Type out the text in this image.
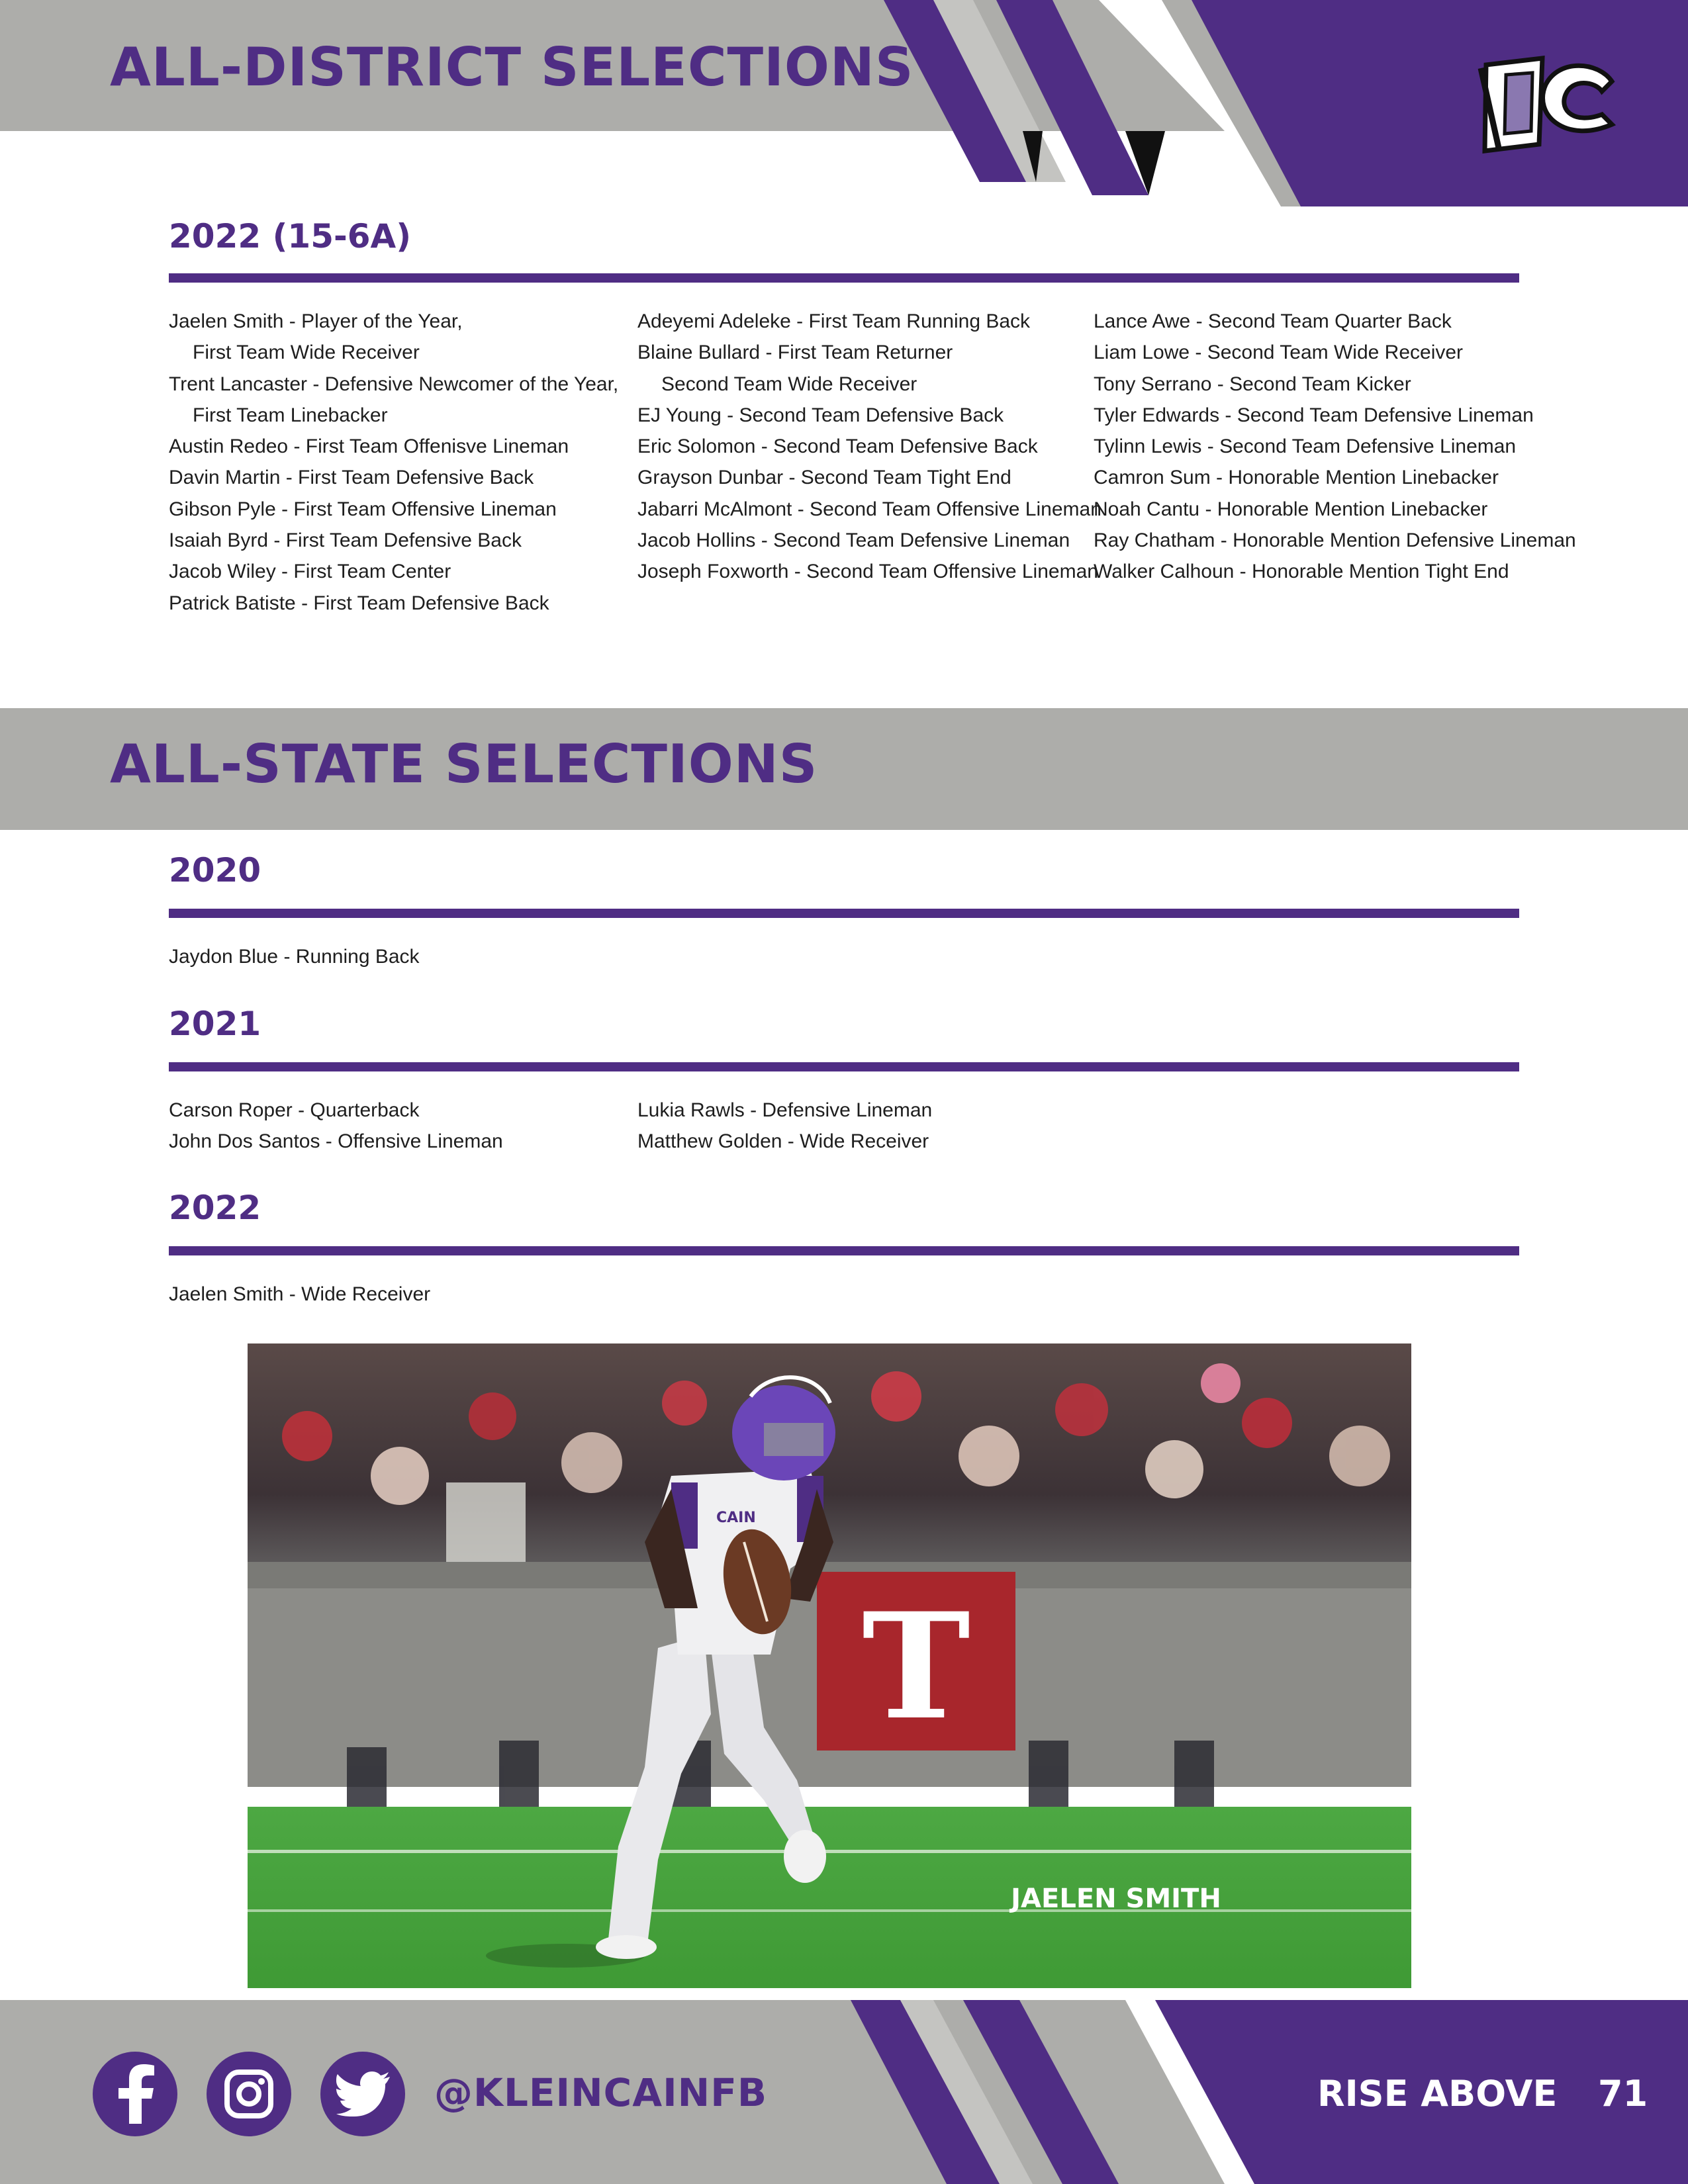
ALL-DISTRICT SELECTIONS
2022 (15-6A)
Jaelen Smith - Player of the Year,
First Team Wide Receiver
Trent Lancaster - Defensive Newcomer of the Year,
First Team Linebacker
Austin Redeo - First Team Offenisve Lineman
Davin Martin - First Team Defensive Back
Gibson Pyle - First Team Offensive Lineman
Isaiah Byrd - First Team Defensive Back
Jacob Wiley - First Team Center
Patrick Batiste - First Team Defensive Back
Adeyemi Adeleke - First Team Running Back
Blaine Bullard - First Team Returner
Second Team Wide Receiver
EJ Young - Second Team Defensive Back
Eric Solomon - Second Team Defensive Back
Grayson Dunbar - Second Team Tight End
Jabarri McAlmont - Second Team Offensive Lineman
Jacob Hollins - Second Team Defensive Lineman
Joseph Foxworth - Second Team Offensive Lineman
Lance Awe - Second Team Quarter Back
Liam Lowe - Second Team Wide Receiver
Tony Serrano - Second Team Kicker
Tyler Edwards - Second Team Defensive Lineman
Tylinn Lewis - Second Team Defensive Lineman
Camron Sum - Honorable Mention Linebacker
Noah Cantu - Honorable Mention Linebacker
Ray Chatham - Honorable Mention Defensive Lineman
Walker Calhoun - Honorable Mention Tight End
ALL-STATE SELECTIONS
2020
Jaydon Blue - Running Back
2021
Carson Roper - Quarterback
John Dos Santos - Offensive Lineman
Lukia Rawls - Defensive Lineman
Matthew Golden - Wide Receiver
2022
Jaelen Smith - Wide Receiver
T
CAIN
JAELEN SMITH
@KLEINCAINFB	RISE ABOVE 71
